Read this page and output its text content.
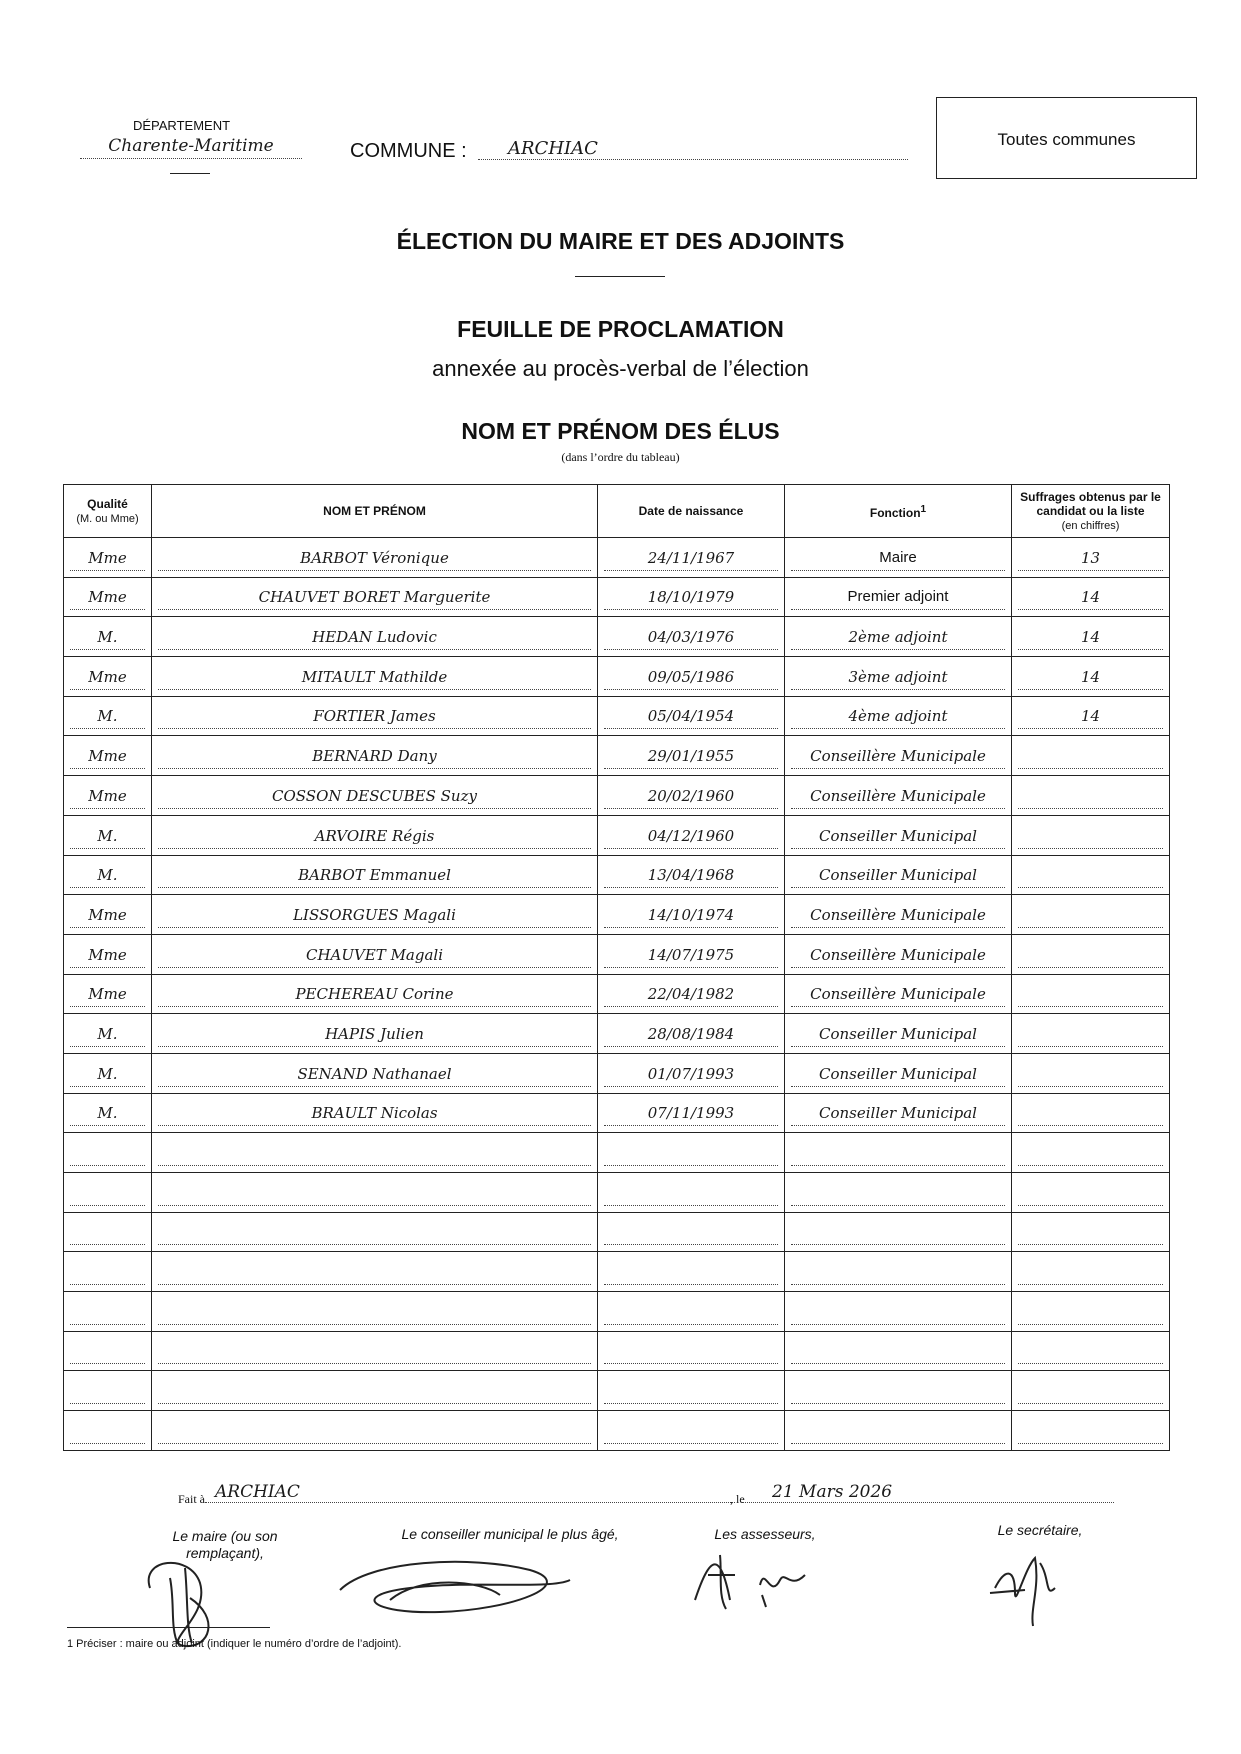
DÉPARTEMENT
Charente-Maritime	COMMUNE :	ARCHIAC	Toutes communes
ÉLECTION DU MAIRE ET DES ADJOINTS
FEUILLE DE PROCLAMATION
annexée au procès-verbal de l’élection
NOM ET PRÉNOM DES ÉLUS
(dans l’ordre du tableau)
Qualité
(M. ou Mme)	NOM ET PRÉNOM	Date de naissance	Fonction$^1$	Suffrages obtenus par le candidat ou la liste
(en chiffres)

Mme	BARBOT Véronique	24/11/1967	Maire	13

Mme	CHAUVET BORET Marguerite	18/10/1979	Premier adjoint	14

M.	HEDAN Ludovic	04/03/1976	2ème adjoint	14

Mme	MITAULT Mathilde	09/05/1986	3ème adjoint	14

M.	FORTIER James	05/04/1954	4ème adjoint	14

Mme	BERNARD Dany	29/01/1955	Conseillère Municipale	

Mme	COSSON DESCUBES Suzy	20/02/1960	Conseillère Municipale	

M.	ARVOIRE Régis	04/12/1960	Conseiller Municipal	

M.	BARBOT Emmanuel	13/04/1968	Conseiller Municipal	

Mme	LISSORGUES Magali	14/10/1974	Conseillère Municipale	

Mme	CHAUVET Magali	14/07/1975	Conseillère Municipale	

Mme	PECHEREAU Corine	22/04/1982	Conseillère Municipale	

M.	HAPIS Julien	28/08/1984	Conseiller Municipal	

M.	SENAND Nathanael	01/07/1993	Conseiller Municipal	

M.	BRAULT Nicolas	07/11/1993	Conseiller Municipal	

Fait à ARCHIAC	, le	21 Mars 2026
Le maire (ou son remplaçant),
Le conseiller municipal le plus âgé,	Les assesseurs,	Le secrétaire,
1 Préciser : maire ou adjoint (indiquer le numéro d’ordre de l’adjoint).
